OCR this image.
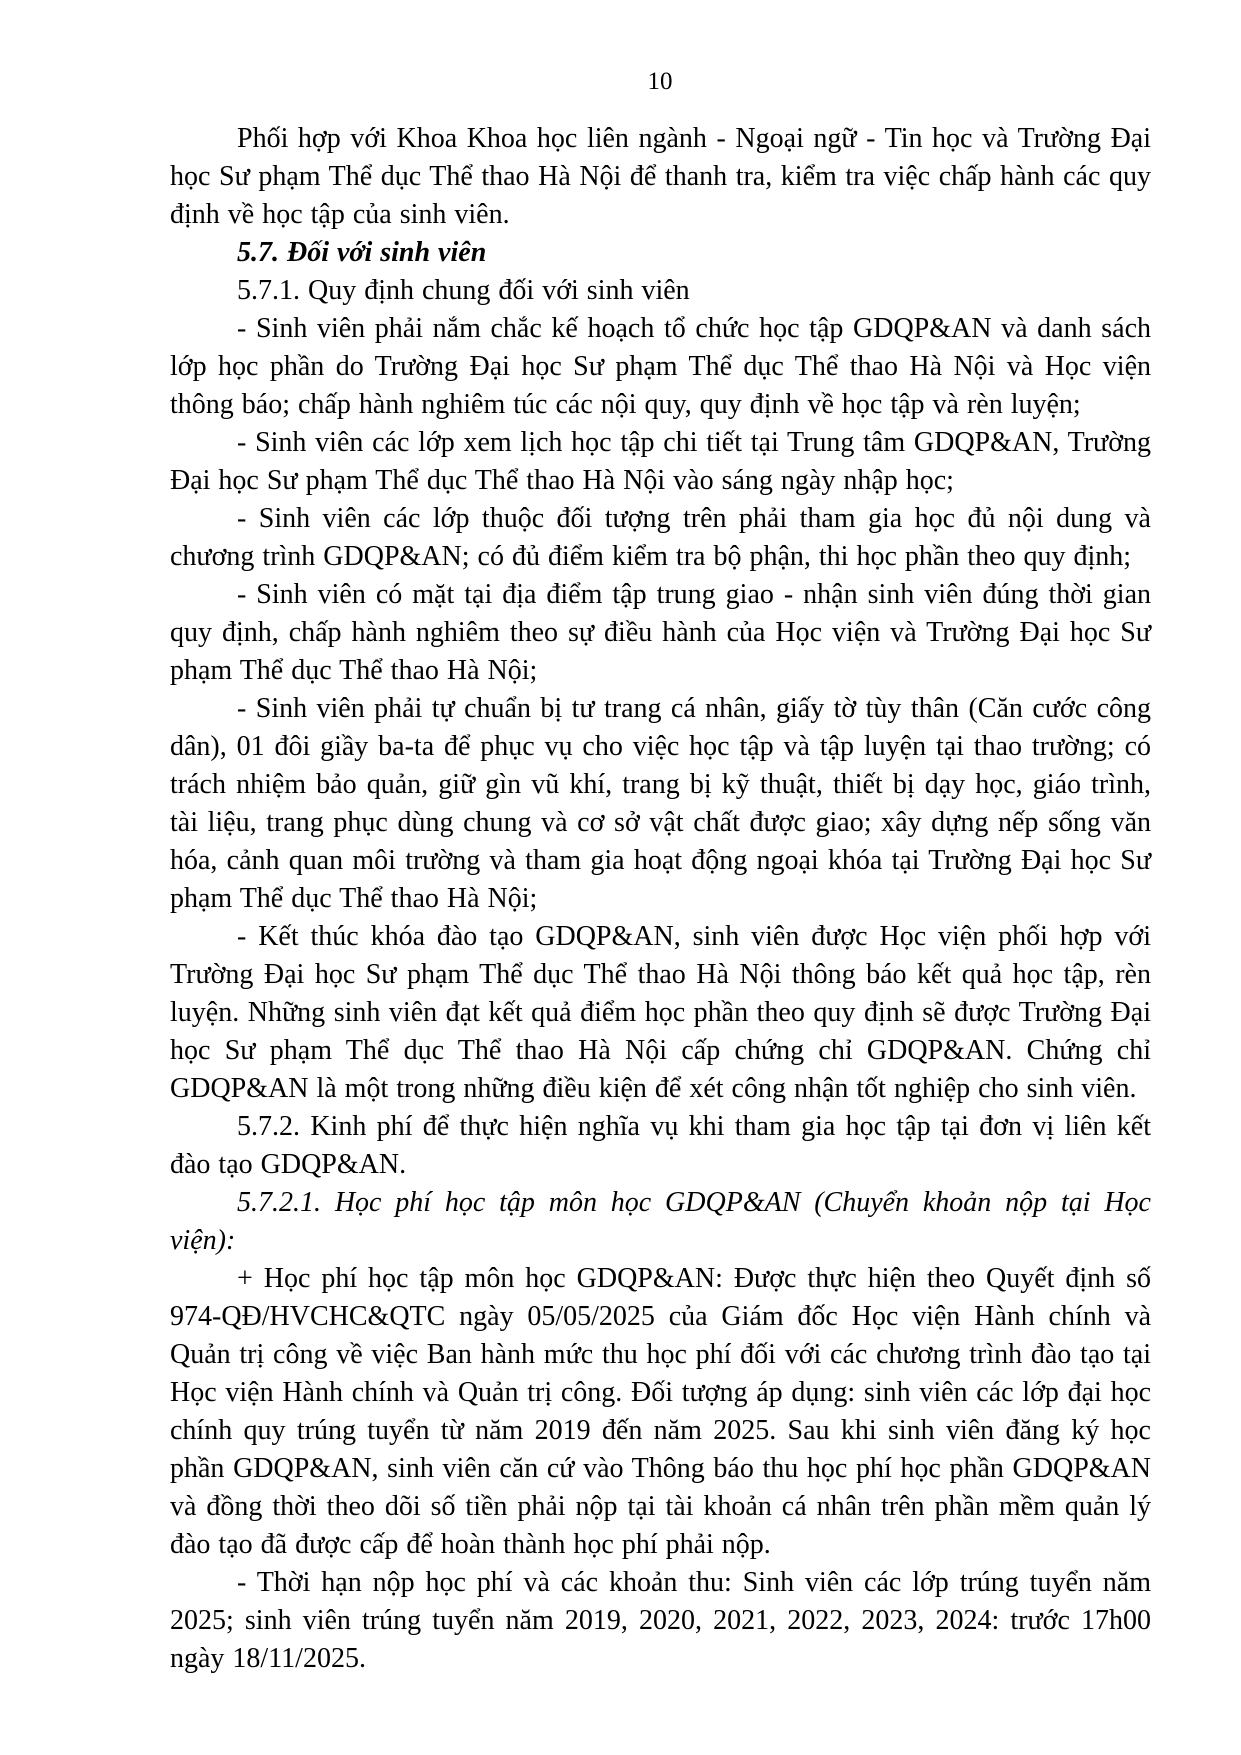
10

Phối hợp với Khoa Khoa học liên ngành - Ngoại ngữ - Tin học và Trường Đại học Sư phạm Thể dục Thể thao Hà Nội để thanh tra, kiểm tra việc chấp hành các quy định về học tập của sinh viên.

5.7. Đối với sinh viên

5.7.1. Quy định chung đối với sinh viên

- Sinh viên phải nắm chắc kế hoạch tổ chức học tập GDQP&AN và danh sách lớp học phần do Trường Đại học Sư phạm Thể dục Thể thao Hà Nội và Học viện thông báo; chấp hành nghiêm túc các nội quy, quy định về học tập và rèn luyện;

- Sinh viên các lớp xem lịch học tập chi tiết tại Trung tâm GDQP&AN, Trường Đại học Sư phạm Thể dục Thể thao Hà Nội vào sáng ngày nhập học;

- Sinh viên các lớp thuộc đối tượng trên phải tham gia học đủ nội dung và chương trình GDQP&AN; có đủ điểm kiểm tra bộ phận, thi học phần theo quy định;

- Sinh viên có mặt tại địa điểm tập trung giao - nhận sinh viên đúng thời gian quy định, chấp hành nghiêm theo sự điều hành của Học viện và Trường Đại học Sư phạm Thể dục Thể thao Hà Nội;

- Sinh viên phải tự chuẩn bị tư trang cá nhân, giấy tờ tùy thân (Căn cước công dân), 01 đôi giầy ba-ta để phục vụ cho việc học tập và tập luyện tại thao trường; có trách nhiệm bảo quản, giữ gìn vũ khí, trang bị kỹ thuật, thiết bị dạy học, giáo trình, tài liệu, trang phục dùng chung và cơ sở vật chất được giao; xây dựng nếp sống văn hóa, cảnh quan môi trường và tham gia hoạt động ngoại khóa tại Trường Đại học Sư phạm Thể dục Thể thao Hà Nội;

- Kết thúc khóa đào tạo GDQP&AN, sinh viên được Học viện phối hợp với Trường Đại học Sư phạm Thể dục Thể thao Hà Nội thông báo kết quả học tập, rèn luyện. Những sinh viên đạt kết quả điểm học phần theo quy định sẽ được Trường Đại học Sư phạm Thể dục Thể thao Hà Nội cấp chứng chỉ GDQP&AN. Chứng chỉ GDQP&AN là một trong những điều kiện để xét công nhận tốt nghiệp cho sinh viên.

5.7.2. Kinh phí để thực hiện nghĩa vụ khi tham gia học tập tại đơn vị liên kết đào tạo GDQP&AN.

5.7.2.1. Học phí học tập môn học GDQP&AN (Chuyển khoản nộp tại Học viện):

+ Học phí học tập môn học GDQP&AN: Được thực hiện theo Quyết định số 974-QĐ/HVCHC&QTC ngày 05/05/2025 của Giám đốc Học viện Hành chính và Quản trị công về việc Ban hành mức thu học phí đối với các chương trình đào tạo tại Học viện Hành chính và Quản trị công. Đối tượng áp dụng: sinh viên các lớp đại học chính quy trúng tuyển từ năm 2019 đến năm 2025. Sau khi sinh viên đăng ký học phần GDQP&AN, sinh viên căn cứ vào Thông báo thu học phí học phần GDQP&AN và đồng thời theo dõi số tiền phải nộp tại tài khoản cá nhân trên phần mềm quản lý đào tạo đã được cấp để hoàn thành học phí phải nộp.

- Thời hạn nộp học phí và các khoản thu: Sinh viên các lớp trúng tuyển năm 2025; sinh viên trúng tuyển năm 2019, 2020, 2021, 2022, 2023, 2024: trước 17h00 ngày 18/11/2025.
